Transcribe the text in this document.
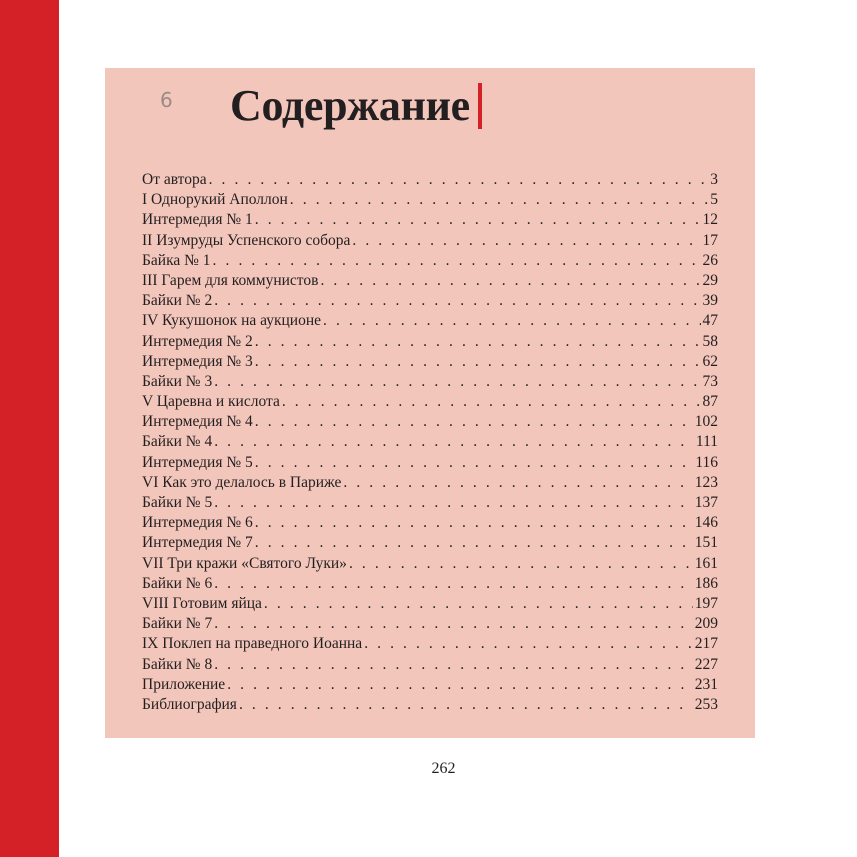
6 Содержание
От автора . . .	3
I Однорукий Аполлон . . .	5
Интермедия № 1 . . .	12
II Изумруды Успенского собора . . .	17
Байка № 1 . . .	26
III Гарем для коммунистов . . .	29
Байки № 2 . . .	39
IV Кукушонок на аукционе . . .	47
Интермедия № 2 . . .	58
Интермедия № 3 . . .	62
Байки № 3 . . .	73
V Царевна и кислота . . .	87
Интермедия № 4 . . .	102
Байки № 4 . . .	111
Интермедия № 5 . . .	116
VI Как это делалось в Париже . . .	123
Байки № 5 . . .	137
Интермедия № 6 . . .	146
Интермедия № 7 . . .	151
VII Три кражи «Святого Луки» . . .	161
Байки № 6 . . .	186
VIII Готовим яйца . . .	197
Байки № 7 . . .	209
IX Поклеп на праведного Иоанна . . .	217
Байки № 8 . . .	227
Приложение . . .	231
Библиография . . .	253
262
